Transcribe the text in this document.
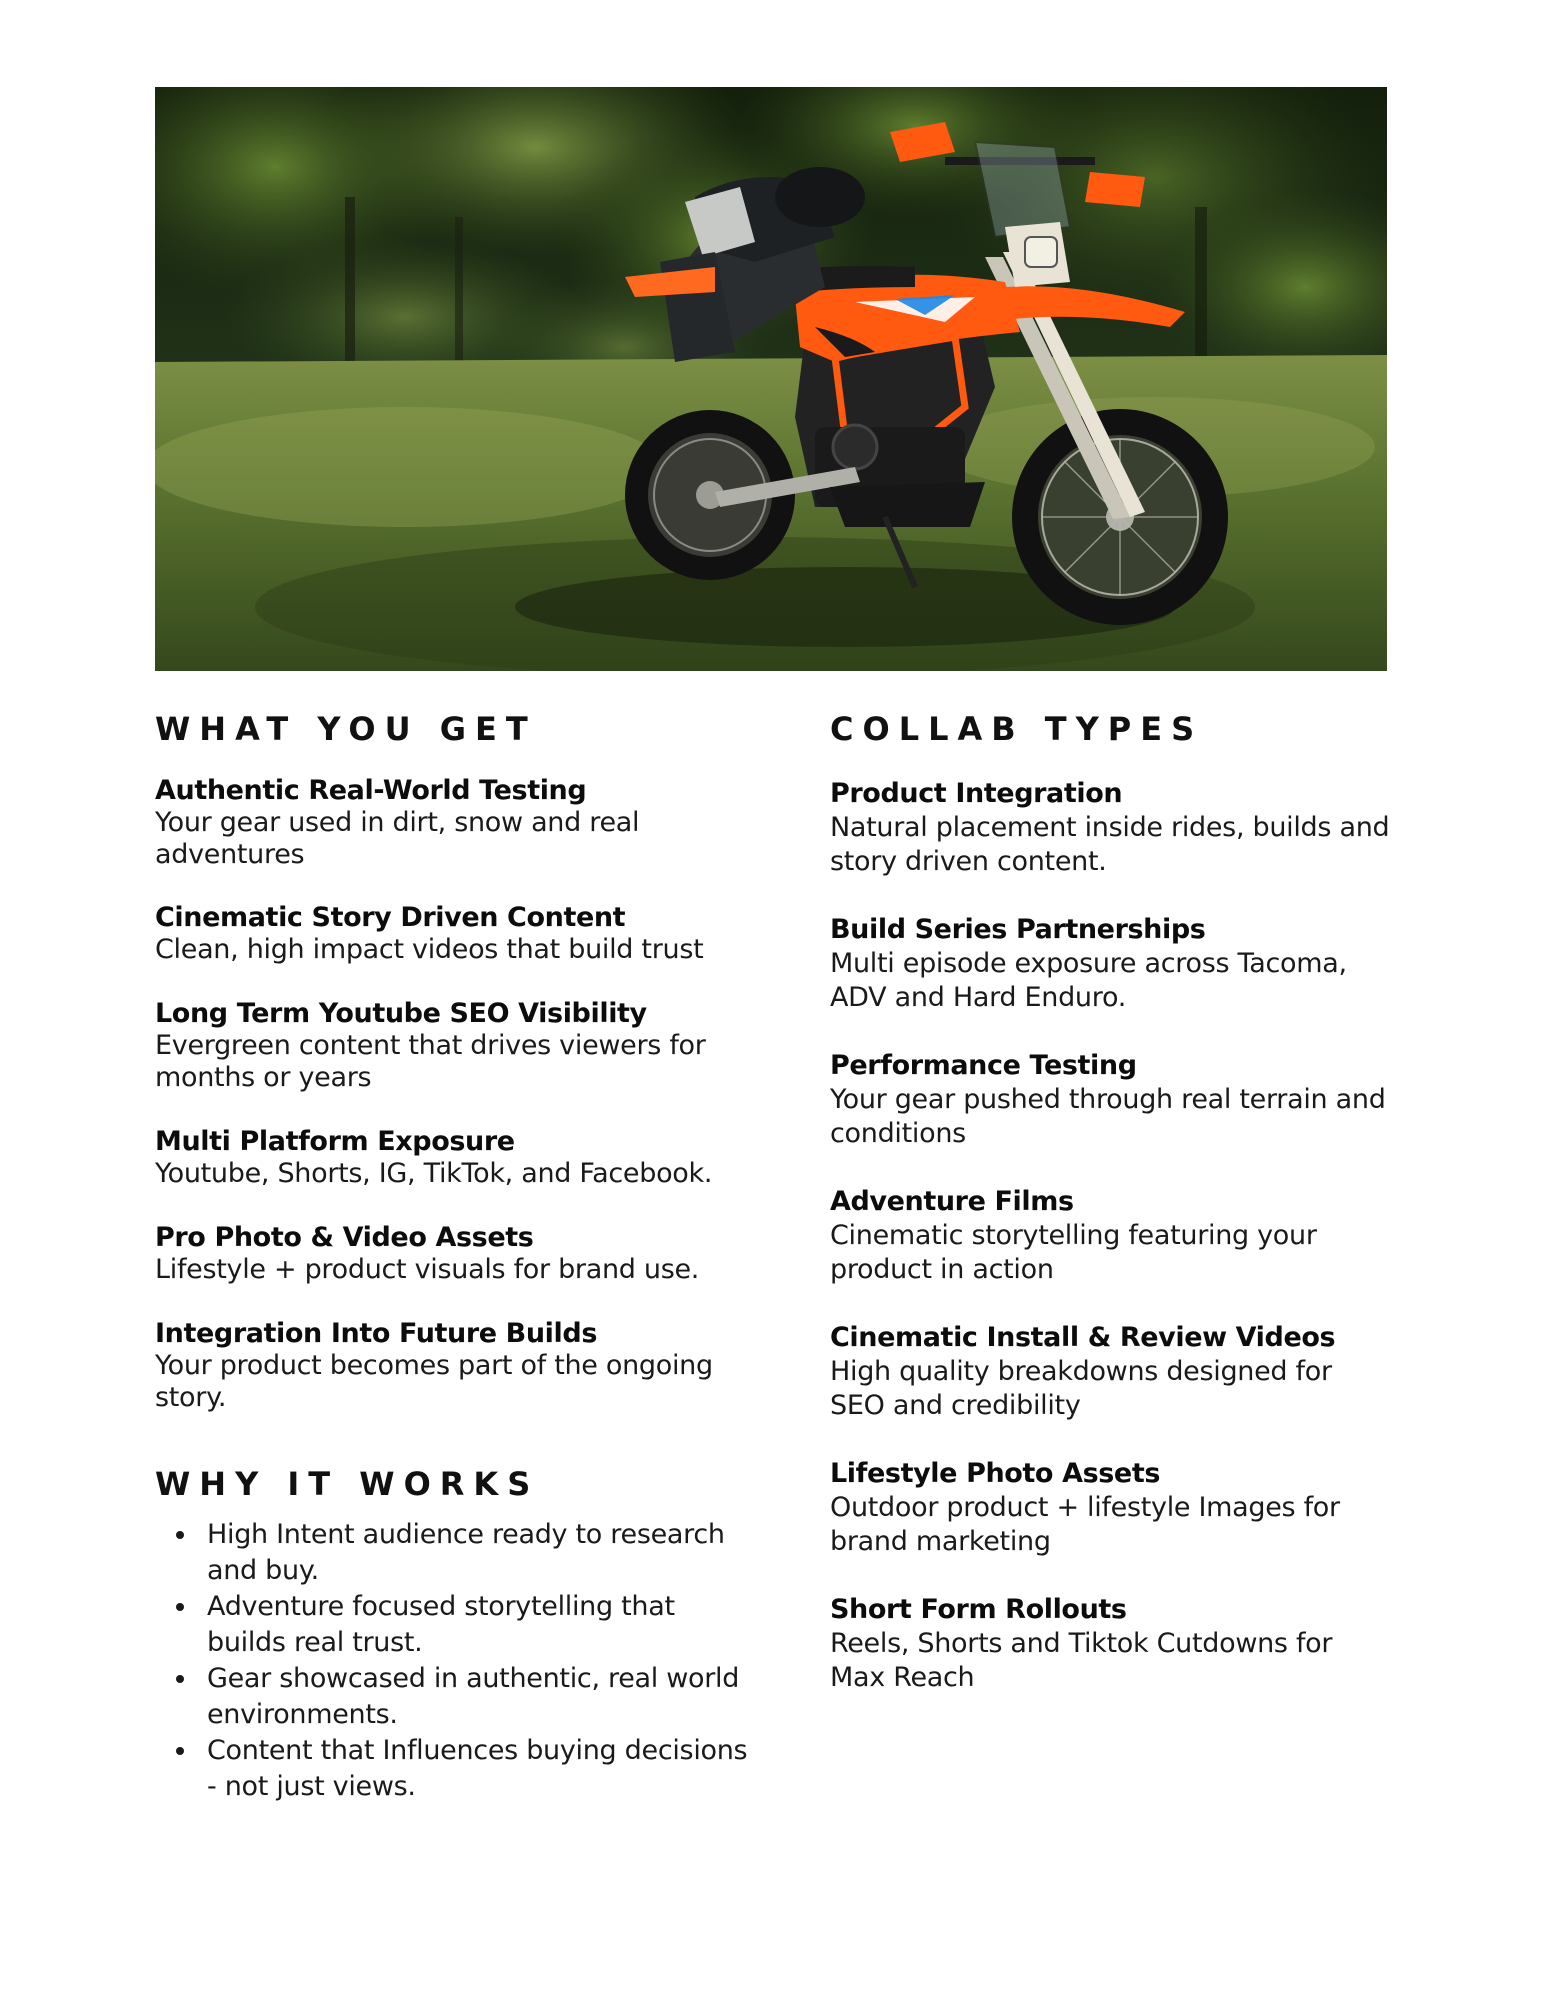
WHAT YOU GET
Authentic Real-World Testing
Your gear used in dirt, snow and real adventures
Cinematic Story Driven Content
Clean, high impact videos that build trust
Long Term Youtube SEO Visibility
Evergreen content that drives viewers for months or years
Multi Platform Exposure
Youtube, Shorts, IG, TikTok, and Facebook.
Pro Photo & Video Assets
Lifestyle + product visuals for brand use.
Integration Into Future Builds
Your product becomes part of the ongoing story.
WHY IT WORKS
High Intent audience ready to research and buy.
Adventure focused storytelling that builds real trust.
Gear showcased in authentic, real world environments.
Content that Influences buying decisions - not just views.
COLLAB TYPES
Product Integration
Natural placement inside rides, builds and story driven content.
Build Series Partnerships
Multi episode exposure across Tacoma, ADV and Hard Enduro.
Performance Testing
Your gear pushed through real terrain and conditions
Adventure Films
Cinematic storytelling featuring your product in action
Cinematic Install & Review Videos
High quality breakdowns designed for SEO and credibility
Lifestyle Photo Assets
Outdoor product + lifestyle Images for brand marketing
Short Form Rollouts
Reels, Shorts and Tiktok Cutdowns for Max Reach
